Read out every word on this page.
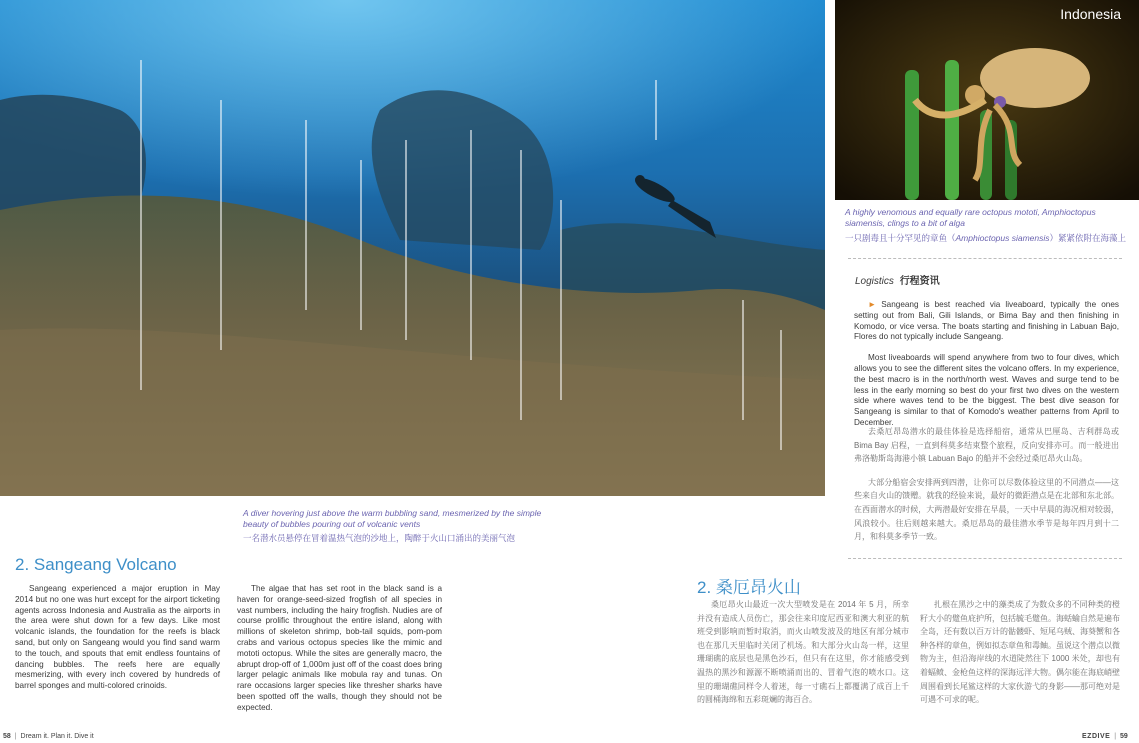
Indonesia
A diver hovering just above the warm bubbling sand, mesmerized by the simple beauty of bubbles pouring out of volcanic vents
一名潜水员悬停在冒着温热气泡的沙地上，陶醉于火山口涌出的美丽气泡
A highly venomous and equally rare octopus mototi, Amphioctopus siamensis, clings to a bit of alga
一只剧毒且十分罕见的章鱼（Amphioctopus siamensis）紧紧依附在海藻上
Logistics 行程资讯

► Sangeang is best reached via liveaboard, typically the ones setting out from Bali, Gili Islands, or Bima Bay and then finishing in Komodo, or vice versa. The boats starting and finishing in Labuan Bajo, Flores do not typically include Sangeang.

Most liveaboards will spend anywhere from two to four dives, which allows you to see the different sites the volcano offers. In my experience, the best macro is in the north/north west. Waves and surge tend to be less in the early morning so best do your first two dives on the western side where waves tend to be the biggest. The best dive season for Sangeang is similar to that of Komodo's weather patterns from April to December.

去桑厄昂岛潜水的最佳体验是选择船宿，通常从巴厘岛、吉利群岛或 Bima Bay 启程，一直到科莫多结束整个旅程，反向安排亦可。而一般进出弗洛勒斯岛海港小镇 Labuan Bajo 的船并不会经过桑厄昂火山岛。

大部分船宿会安排两到四潜，让你可以尽数体验这里的不同潜点——这些来自火山的馈赠。就我的经验来说，最好的微距潜点是在北部和东北部。在西面潜水的时候，大两潜最好安排在早晨，一天中早晨的海况相对较弱，风浪较小。往后则越来越大。桑厄昂岛的最佳潜水季节是每年四月到十二月，和科莫多季节一致。

2. Sangeang Volcano

Sangeang experienced a major eruption in May 2014 but no one was hurt except for the airport ticketing agents across Indonesia and Australia as the airports in the area were shut down for a few days. Like most volcanic islands, the foundation for the reefs is black sand, but only on Sangeang would you find sand warm to the touch, and spouts that emit endless fountains of dancing bubbles. The reefs here are equally mesmerizing, with every inch covered by hundreds of barrel sponges and multi-colored crinoids.

The algae that has set root in the black sand is a haven for orange-seed-sized frogfish of all species in vast numbers, including the hairy frogfish. Nudies are of course prolific throughout the entire island, along with millions of skeleton shrimp, bob-tail squids, pom-pom crabs and various octopus species like the mimic and mototi octopus. While the sites are generally macro, the abrupt drop-off of 1,000m just off of the coast does bring larger pelagic animals like mobula ray and tunas. On rare occasions larger species like thresher sharks have been spotted off the walls, though they should not be expected.

2. 桑厄昂火山

桑厄昂火山最近一次大型喷发是在 2014 年 5 月，所幸并没有造成人员伤亡，那会往来印度尼西亚和澳大利亚的航班受到影响而暂时取消，而火山喷发波及的地区有部分城市也在那几天里临时关闭了机场。和大部分火山岛一样，这里珊瑚礁的底层也是黑色沙石，但只有在这里，你才能感受到温热的黑沙和源源不断喷涌而出的、冒着气泡的喷水口。这里的珊瑚礁同样令人着迷，每一寸礁石上都覆满了成百上千的圆桶海绵和五彩斑斓的海百合。

扎根在黑沙之中的藻类成了为数众多的不同种类的橙籽大小的躄鱼庇护所，包括毓毛躄鱼。海蛞蝓自然是遍布全岛，还有数以百万计的骷髅虾、短尾乌贼、海葵蟹和各种各样的章鱼，例如拟态章鱼和毒鲉。虽说这个潜点以微物为主，但沿海岸线的水道陡然往下 1000 米处，却也有着蝠鲼、金枪鱼这样的深海远洋大物。偶尔能在海底峭壁周围看到长尾鲨这样的大家伙游弋的身影——那可绝对是可遇不可求的呢。

58 | Dream it. Plan it. Dive it	EZDIVE | 59
